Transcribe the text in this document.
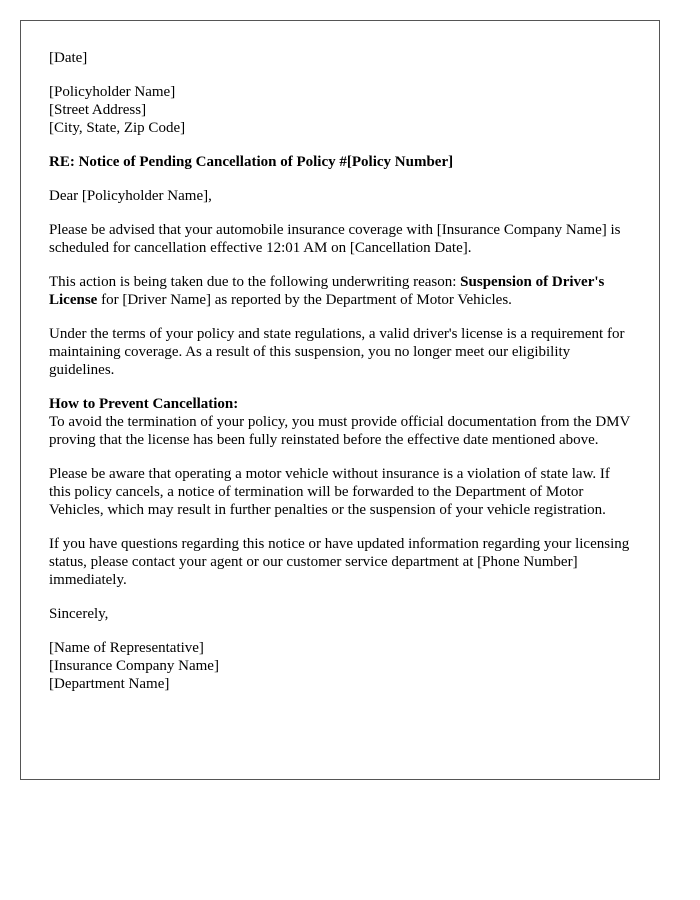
[Date]

[Policyholder Name]
[Street Address]
[City, State, Zip Code]

RE: Notice of Pending Cancellation of Policy #[Policy Number]

Dear [Policyholder Name],

Please be advised that your automobile insurance coverage with [Insurance Company Name] is scheduled for cancellation effective 12:01 AM on [Cancellation Date].

This action is being taken due to the following underwriting reason: Suspension of Driver's License for [Driver Name] as reported by the Department of Motor Vehicles.

Under the terms of your policy and state regulations, a valid driver's license is a requirement for maintaining coverage. As a result of this suspension, you no longer meet our eligibility guidelines.

How to Prevent Cancellation:
To avoid the termination of your policy, you must provide official documentation from the DMV proving that the license has been fully reinstated before the effective date mentioned above.

Please be aware that operating a motor vehicle without insurance is a violation of state law. If this policy cancels, a notice of termination will be forwarded to the Department of Motor Vehicles, which may result in further penalties or the suspension of your vehicle registration.

If you have questions regarding this notice or have updated information regarding your licensing status, please contact your agent or our customer service department at [Phone Number] immediately.

Sincerely,

[Name of Representative]
[Insurance Company Name]
[Department Name]
